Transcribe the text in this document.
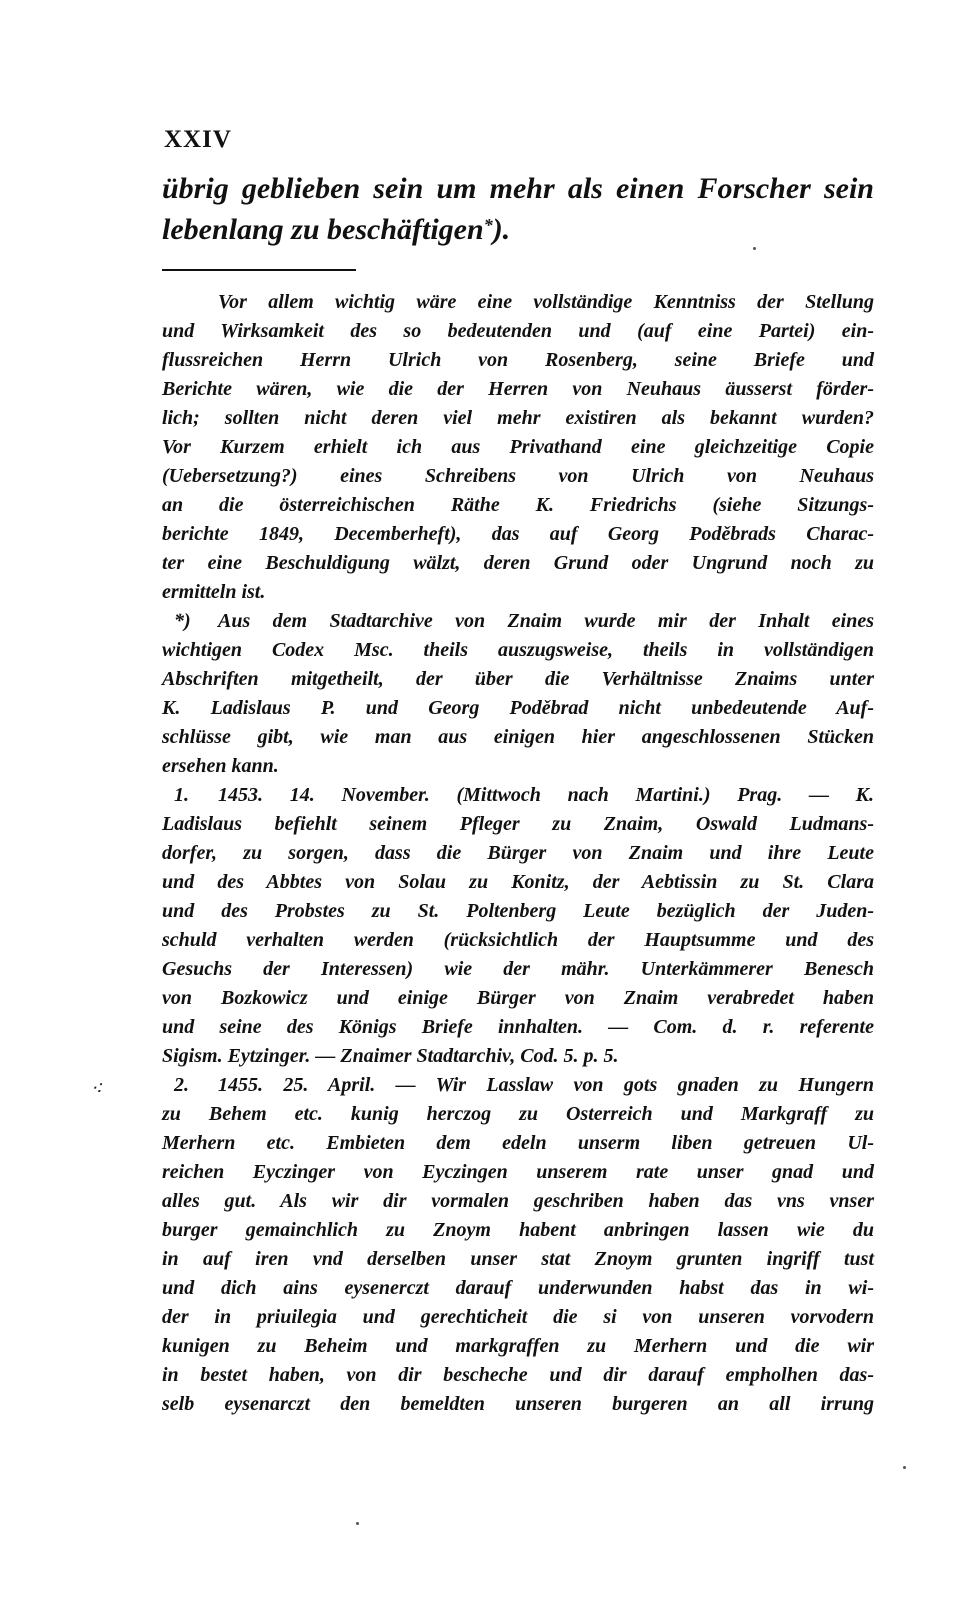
XXIV
übrig geblieben sein um mehr als einen Forscher sein
lebenlang zu beschäftigen*).
Vor allem wichtig wäre eine vollständige Kenntniss der Stellung
und Wirksamkeit des so bedeutenden und (auf eine Partei) ein-
flussreichen Herrn Ulrich von Rosenberg, seine Briefe und
Berichte wären, wie die der Herren von Neuhaus äusserst förder-
lich; sollten nicht deren viel mehr existiren als bekannt wurden?
Vor Kurzem erhielt ich aus Privathand eine gleichzeitige Copie
(Uebersetzung?) eines Schreibens von Ulrich von Neuhaus
an die österreichischen Räthe K. Friedrichs (siehe Sitzungs-
berichte 1849, Decemberheft), das auf Georg Poděbrads Charac-
ter eine Beschuldigung wälzt, deren Grund oder Ungrund noch zu
ermitteln ist.
*)	Aus dem Stadtarchive von Znaim wurde mir der Inhalt eines
wichtigen Codex Msc. theils auszugsweise, theils in vollständigen
Abschriften mitgetheilt, der über die Verhältnisse Znaims unter
K. Ladislaus P. und Georg Poděbrad nicht unbedeutende Auf-
schlüsse gibt, wie man aus einigen hier angeschlossenen Stücken
ersehen kann.
1.	1453. 14. November. (Mittwoch nach Martini.) Prag. — K.
Ladislaus befiehlt seinem Pfleger zu Znaim, Oswald Ludmans-
dorfer, zu sorgen, dass die Bürger von Znaim und ihre Leute
und des Abbtes von Solau zu Konitz, der Aebtissin zu St. Clara
und des Probstes zu St. Poltenberg Leute bezüglich der Juden-
schuld verhalten werden (rücksichtlich der Hauptsumme und des
Gesuchs der Interessen) wie der mähr. Unterkämmerer Benesch
von Bozkowicz und einige Bürger von Znaim verabredet haben
und seine des Königs Briefe innhalten. — Com. d. r. referente
Sigism. Eytzinger. — Znaimer Stadtarchiv, Cod. 5. p. 5.
2.	1455. 25. April. — Wir Lasslaw von gots gnaden zu Hungern
zu Behem etc. kunig herczog zu Osterreich und Markgraff zu
Merhern etc. Embieten dem edeln unserm liben getreuen Ul-
reichen Eyczinger von Eyczingen unserem rate unser gnad und
alles gut. Als wir dir vormalen geschriben haben das vns vnser
burger gemainchlich zu Znoym habent anbringen lassen wie du
in auf iren vnd derselben unser stat Znoym grunten ingriff tust
und dich ains eysenerczt darauf underwunden habst das in wi-
der in priuilegia und gerechticheit die si von unseren vorvodern
kunigen zu Beheim und markgraffen zu Merhern und die wir
in bestet haben, von dir bescheche und dir darauf empholhen das-
selb eysenarczt den bemeldten unseren burgeren an all irrung
⁖
